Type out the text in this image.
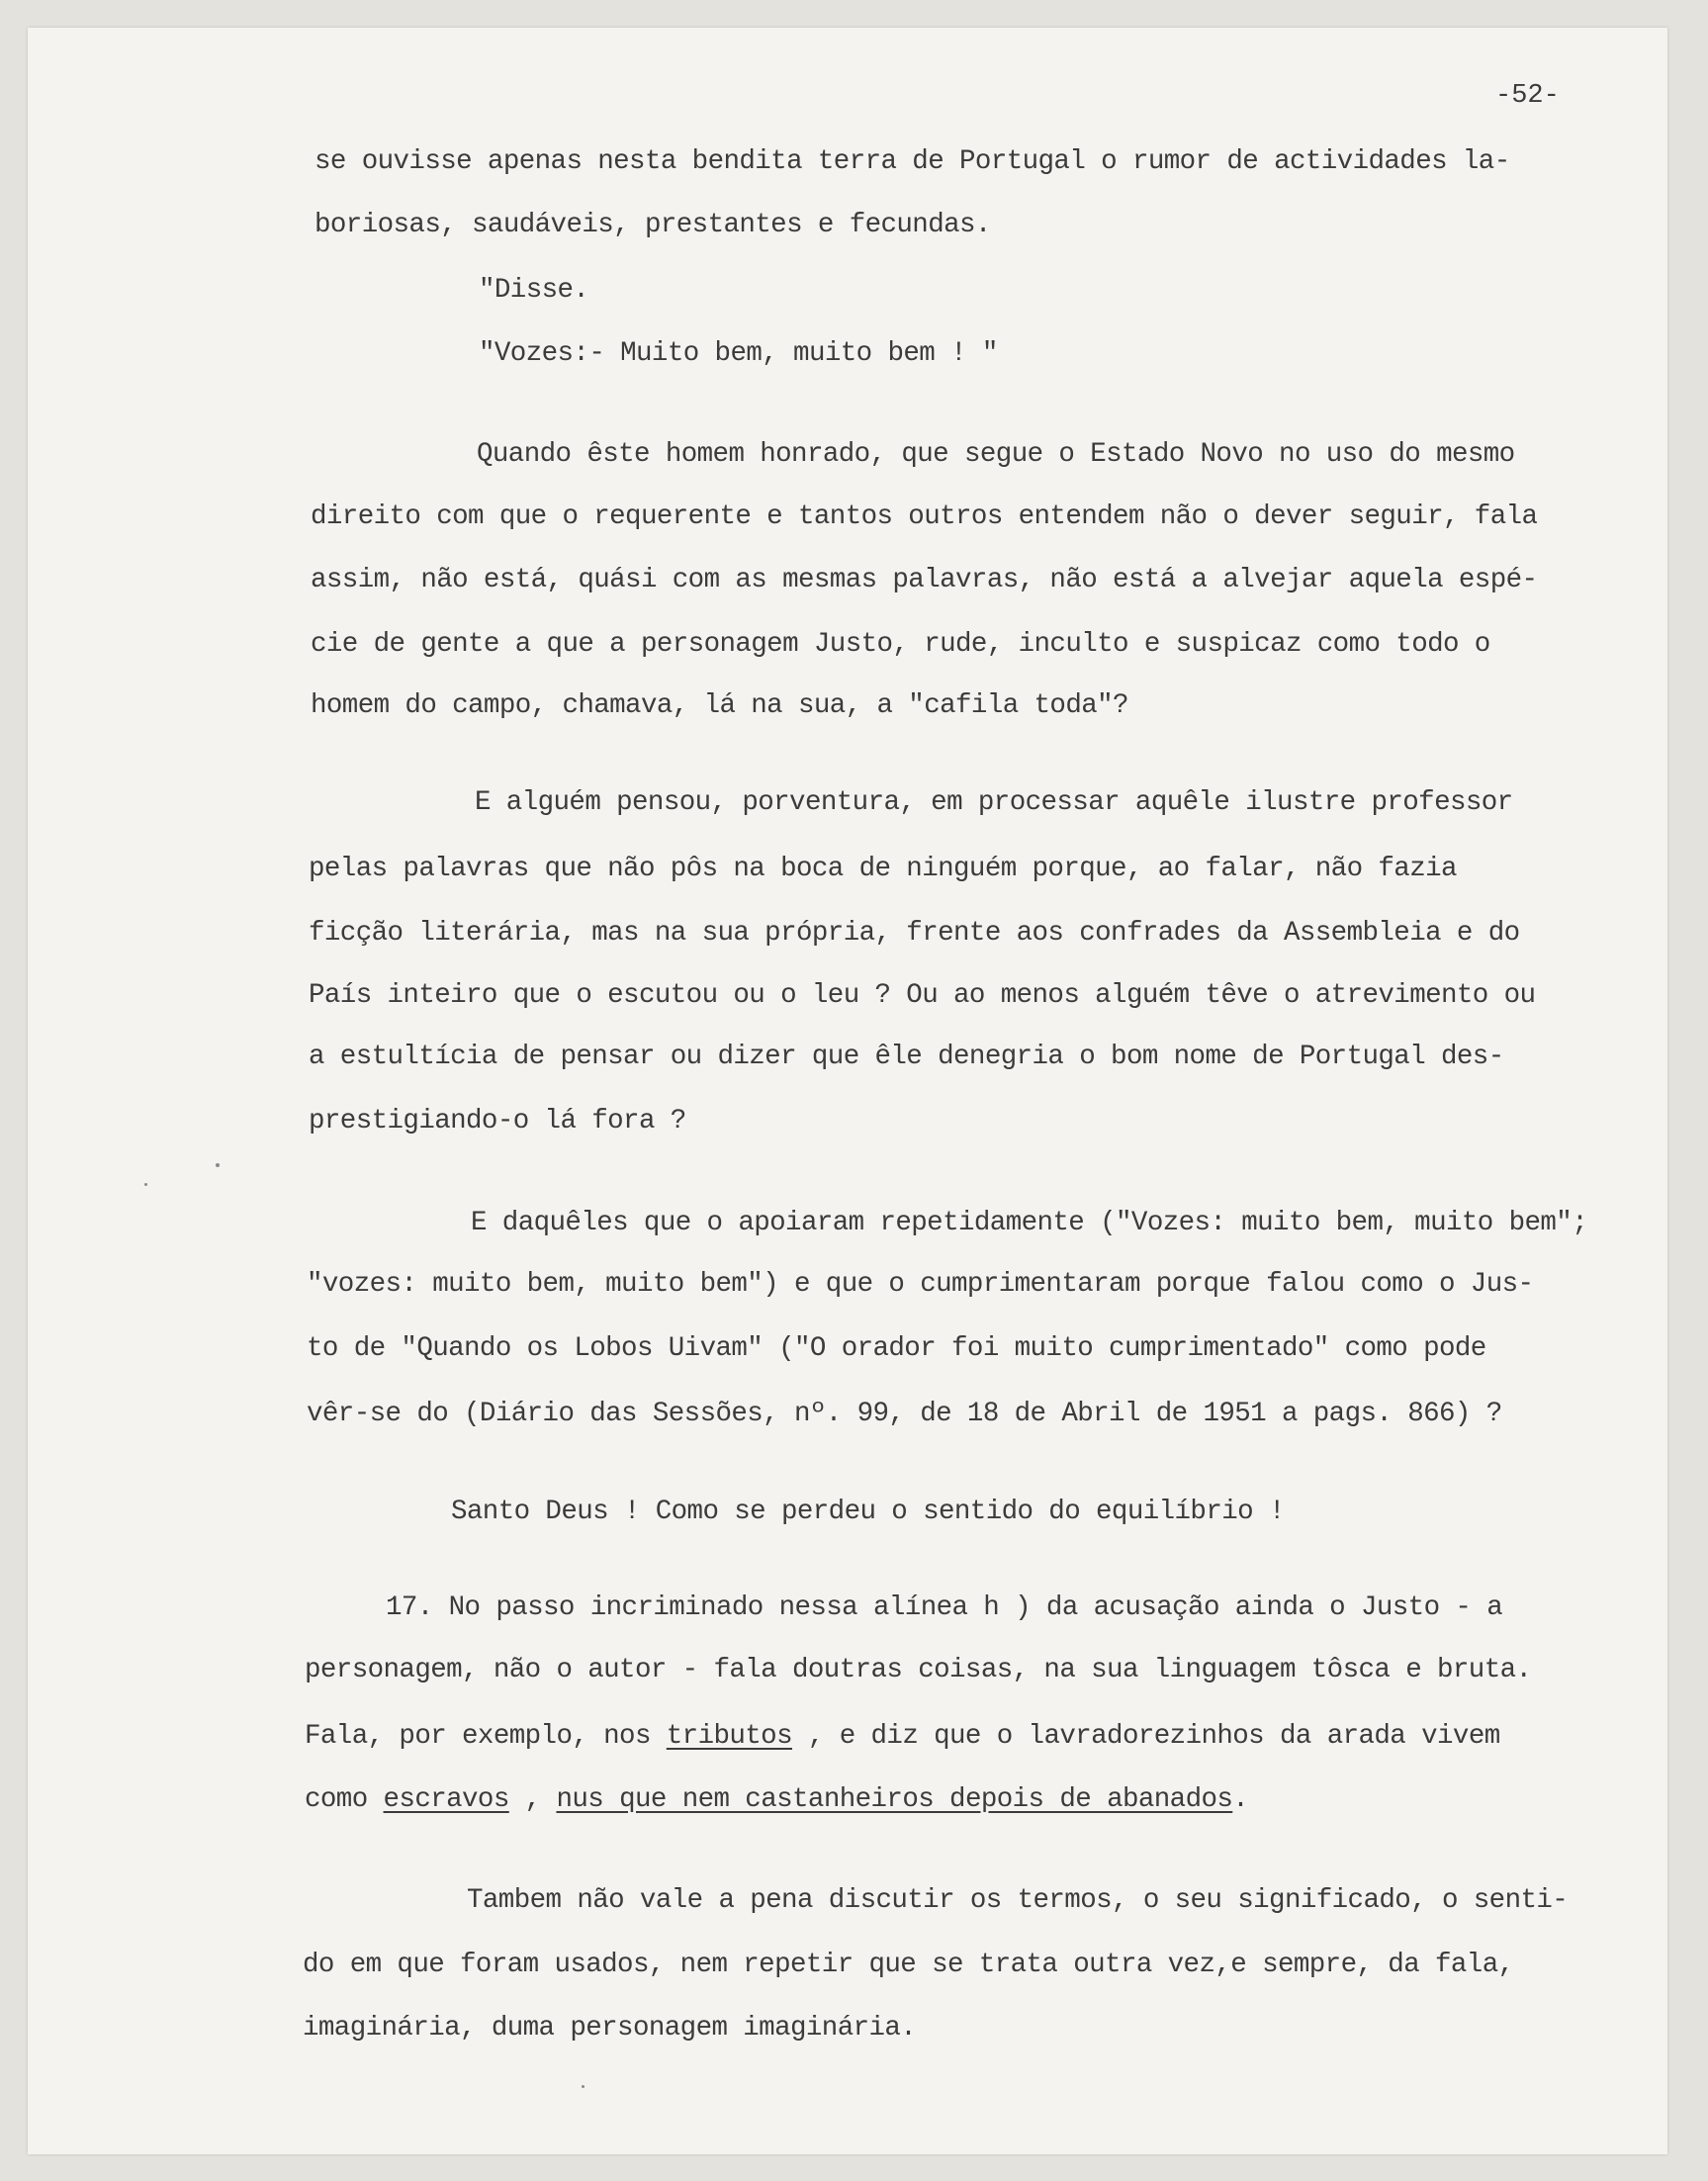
-52-
se ouvisse apenas nesta bendita terra de Portugal o rumor de actividades la-
boriosas, saudáveis, prestantes e fecundas.
"Disse.
"Vozes:- Muito bem, muito bem ! "
Quando êste homem honrado, que segue o Estado Novo no uso do mesmo
direito com que o requerente e tantos outros entendem não o dever seguir, fala
assim, não está, quási com as mesmas palavras, não está a alvejar aquela espé-
cie de gente a que a personagem Justo, rude, inculto e suspicaz como todo o
homem do campo, chamava, lá na sua, a "cafila toda"?
E alguém pensou, porventura, em processar aquêle ilustre professor
pelas palavras que não pôs na boca de ninguém porque, ao falar, não fazia
ficção literária, mas na sua própria, frente aos confrades da Assembleia e do
País inteiro que o escutou ou o leu ? Ou ao menos alguém têve o atrevimento ou
a estultícia de pensar ou dizer que êle denegria o bom nome de Portugal des-
prestigiando-o lá fora ?
E daquêles que o apoiaram repetidamente ("Vozes: muito bem, muito bem";
"vozes: muito bem, muito bem") e que o cumprimentaram porque falou como o Jus-
to de "Quando os Lobos Uivam" ("O orador foi muito cumprimentado" como pode
vêr-se do (Diário das Sessões, nº. 99, de 18 de Abril de 1951 a pags. 866) ?
Santo Deus ! Como se perdeu o sentido do equilíbrio !
17. No passo incriminado nessa alínea h ) da acusação ainda o Justo - a
personagem, não o autor - fala doutras coisas, na sua linguagem tôsca e bruta.
Fala, por exemplo, nos tributos , e diz que o lavradorezinhos da arada vivem
como escravos , nus que nem castanheiros depois de abanados.
Tambem não vale a pena discutir os termos, o seu significado, o senti-
do em que foram usados, nem repetir que se trata outra vez,e sempre, da fala,
imaginária, duma personagem imaginária.
